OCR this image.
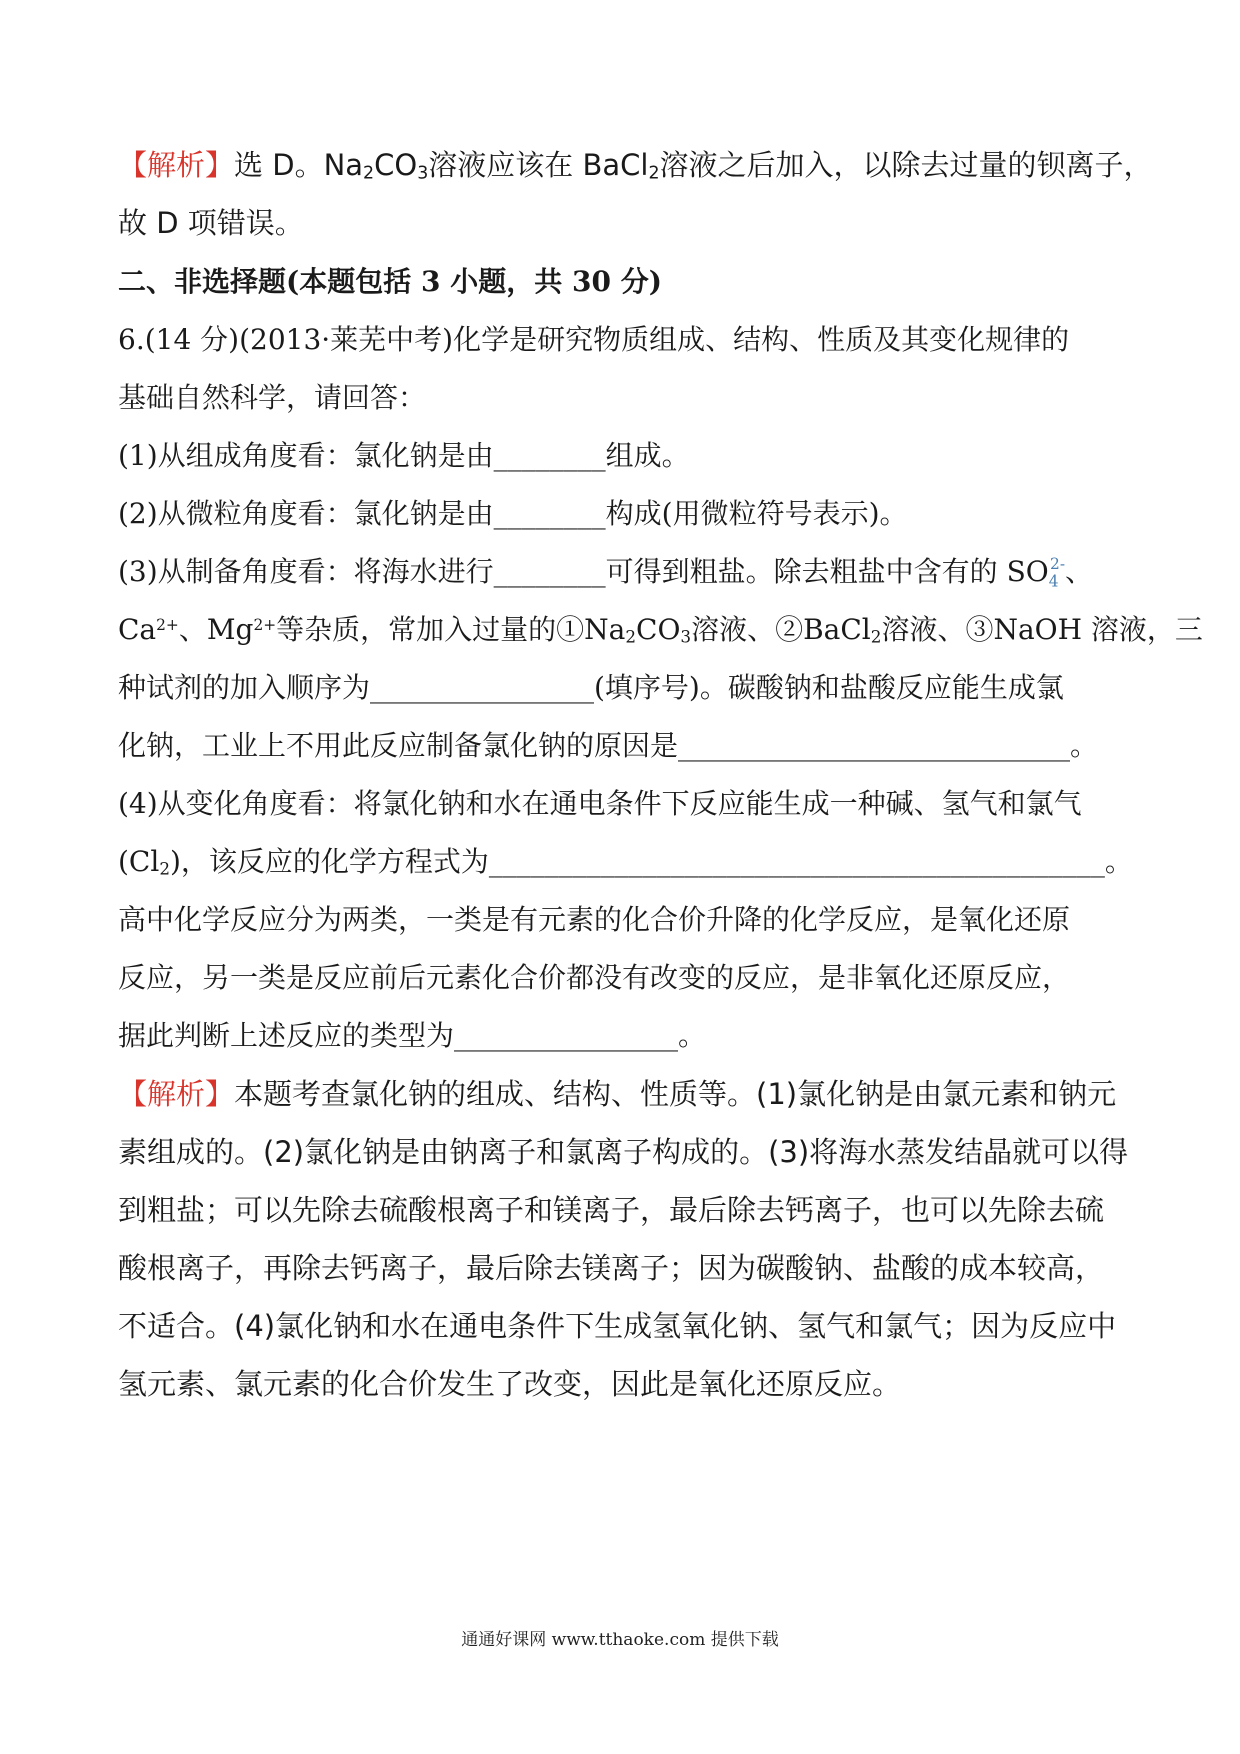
【解析】选 D。$Na_2CO_3$溶液应该在 BaCl$_2$溶液之后加入，以除去过量的钡离子，
故 D 项错误。
二、非选择题(本题包括 3 小题，共 30 分)
6.(14 分)(2013·莱芜中考)化学是研究物质组成、结构、性质及其变化规律的
基础自然科学，请回答：
(1)从组成角度看：氯化钠是由________组成。
(2)从微粒角度看：氯化钠是由________构成(用微粒符号表示)。
(3)从制备角度看：将海水进行________可得到粗盐。除去粗盐中含有的 $SO4^{2-}$、
$Ca^{2+}$、$Mg^{2+}$等杂质，常加入过量的$①Na_2CO_3$溶液、②BaCl$_2$溶液、③NaOH 溶液，三
种试剂的加入顺序为________________(填序号)。碳酸钠和盐酸反应能生成氯
化钠，工业上不用此反应制备氯化钠的原因是____________________________。
(4)从变化角度看：将氯化钠和水在通电条件下反应能生成一种碱、氢气和氯气
$(Cl_2)$，该反应的化学方程式为____________________________________________。
高中化学反应分为两类，一类是有元素的化合价升降的化学反应，是氧化还原
反应，另一类是反应前后元素化合价都没有改变的反应，是非氧化还原反应，
据此判断上述反应的类型为________________。
【解析】本题考查氯化钠的组成、结构、性质等。(1)氯化钠是由氯元素和钠元
素组成的。(2)氯化钠是由钠离子和氯离子构成的。(3)将海水蒸发结晶就可以得
到粗盐；可以先除去硫酸根离子和镁离子，最后除去钙离子，也可以先除去硫
酸根离子，再除去钙离子，最后除去镁离子；因为碳酸钠、盐酸的成本较高，
不适合。(4)氯化钠和水在通电条件下生成氢氧化钠、氢气和氯气；因为反应中
氢元素、氯元素的化合价发生了改变，因此是氧化还原反应。
通通好课网 www.tthaoke.com 提供下载
